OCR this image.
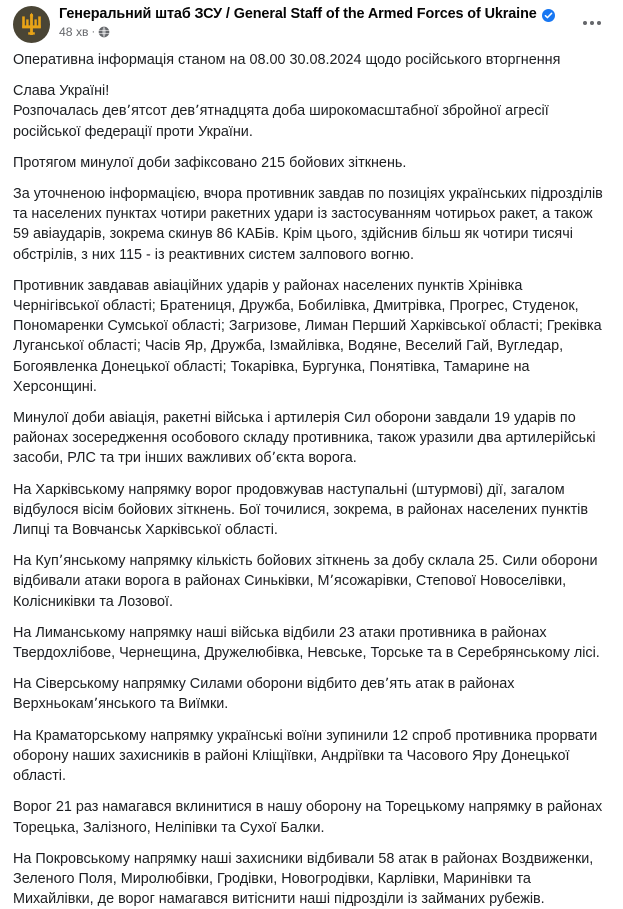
Генеральний штаб ЗСУ / General Staff of the Armed Forces of Ukraine
48 хв ·

Оперативна інформація станом на 08.00 30.08.2024 щодо російського вторгнення

Слава Україні!

Розпочалась дев՚ятсот дев՚ятнадцята доба широкомасштабної збройної агресії російської федерації проти України.

Протягом минулої доби зафіксовано 215 бойових зіткнень.

За уточненою інформацією, вчора противник завдав по позиціях українських підрозділів та населених пунктах чотири ракетних удари із застосуванням чотирьох ракет, а також 59 авіаударів, зокрема скинув 86 КАБів. Крім цього, здійснив більш як чотири тисячі обстрілів, з них 115 - із реактивних систем залпового вогню.

Противник завдавав авіаційних ударів у районах населених пунктів Хрінівка Чернігівської області; Братениця, Дружба, Бобилівка, Дмитрівка, Прогрес, Студенок, Пономаренки Сумської області; Загризове, Лиман Перший Харківської області; Греківка Луганської області; Часів Яр, Дружба, Ізмайлівка, Водяне, Веселий Гай, Вугледар, Богоявленка Донецької області; Токарівка, Бургунка, Понятівка, Тамарине на Херсонщині.

Минулої доби авіація, ракетні війська і артилерія Сил оборони завдали 19 ударів по районах зосередження особового складу противника, також уразили два артилерійські засоби, РЛС та три інших важливих об՚єкта ворога.

На Харківському напрямку ворог продовжував наступальні (штурмові) дії, загалом відбулося вісім бойових зіткнень. Бої точилися, зокрема, в районах населених пунктів Липці та Вовчанськ Харківської області.

На Куп՚янському напрямку кількість бойових зіткнень за добу склала 25. Сили оборони відбивали атаки ворога в районах Синьківки, М՚ясожарівки, Степової Новоселівки, Колісниківки та Лозової.

На Лиманському напрямку наші війська відбили 23 атаки противника в районах Твердохлібове, Чернещина, Дружелюбівка, Невське, Торське та в Серебрянському лісі.

На Сіверському напрямку Силами оборони відбито дев՚ять атак в районах Верхньокам՚янського та Виїмки.

На Краматорському напрямку українські воїни зупинили 12 спроб противника прорвати оборону наших захисників в районі Кліщіївки, Андріївки та Часового Яру Донецької області.

Ворог 21 раз намагався вклинитися в нашу оборону на Торецькому напрямку в районах Торецька, Залізного, Неліпівки та Сухої Балки.

На Покровському напрямку наші захисники відбивали 58 атак в районах Воздвиженки, Зеленого Поля, Миролюбівки, Гродівки, Новогродівки, Карлівки, Маринівки та Михайлівки, де ворог намагався витіснити наші підрозділи із займаних рубежів.
